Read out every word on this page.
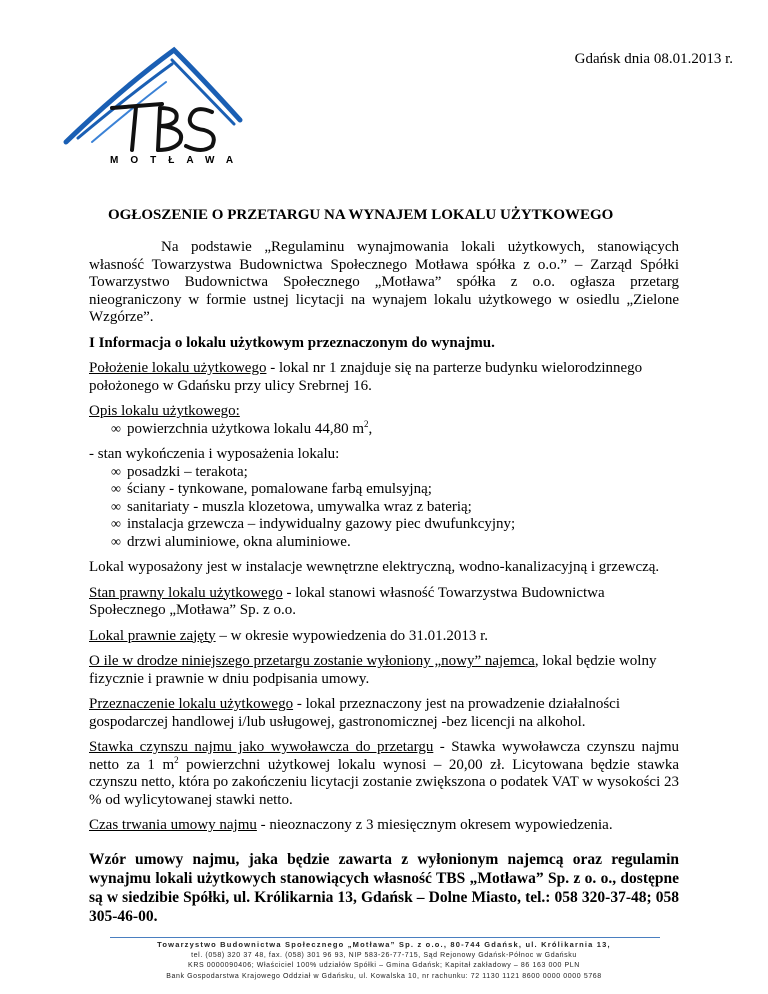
Gdańsk dnia 08.01.2013 r.
MOTŁAWA
OGŁOSZENIE O PRZETARGU NA WYNAJEM LOKALU UŻYTKOWEGO

Na podstawie „Regulaminu wynajmowania lokali użytkowych, stanowiących własność Towarzystwa Budownictwa Społecznego Motława spółka z o.o.” – Zarząd Spółki Towarzystwo Budownictwa Społecznego „Motława” spółka z o.o. ogłasza przetarg nieograniczony w formie ustnej licytacji na wynajem lokalu użytkowego w osiedlu „Zielone Wzgórze”.

I Informacja o lokalu użytkowym przeznaczonym do wynajmu.

Położenie lokalu użytkowego - lokal nr 1 znajduje się na parterze budynku wielorodzinnego położonego w Gdańsku przy ulicy Srebrnej 16.

Opis lokalu użytkowego:

∞ powierzchnia użytkowa lokalu 44,80 $m^2$,

- stan wykończenia i wyposażenia lokalu:

∞ posadzki – terakota;
∞ ściany - tynkowane, pomalowane farbą emulsyjną;
∞ sanitariaty - muszla klozetowa, umywalka wraz z baterią;
∞ instalacja grzewcza – indywidualny gazowy piec dwufunkcyjny;
∞ drzwi aluminiowe, okna aluminiowe.

Lokal wyposażony jest w instalacje wewnętrzne elektryczną, wodno-kanalizacyjną i grzewczą.

Stan prawny lokalu użytkowego - lokal stanowi własność Towarzystwa Budownictwa Społecznego „Motława” Sp. z o.o.

Lokal prawnie zajęty – w okresie wypowiedzenia do 31.01.2013 r.

O ile w drodze niniejszego przetargu zostanie wyłoniony „nowy” najemca, lokal będzie wolny fizycznie i prawnie w dniu podpisania umowy.

Przeznaczenie lokalu użytkowego - lokal przeznaczony jest na prowadzenie działalności gospodarczej handlowej i/lub usługowej, gastronomicznej -bez licencji na alkohol.

Stawka czynszu najmu jako wywoławcza do przetargu - Stawka wywoławcza czynszu najmu netto za 1 $m^2$ powierzchni użytkowej lokalu wynosi – 20,00 zł. Licytowana będzie stawka czynszu netto, która po zakończeniu licytacji zostanie zwiększona o podatek VAT w wysokości 23 % od wylicytowanej stawki netto.

Czas trwania umowy najmu - nieoznaczony z 3 miesięcznym okresem wypowiedzenia.

Wzór umowy najmu, jaka będzie zawarta z wyłonionym najemcą oraz regulamin wynajmu lokali użytkowych stanowiących własność TBS „Motława” Sp. z o. o., dostępne są w siedzibie Spółki, ul. Królikarnia 13, Gdańsk – Dolne Miasto, tel.: 058 320-37-48; 058 305-46-00.
Towarzystwo Budownictwa Społecznego „Motława” Sp. z o.o., 80-744 Gdańsk, ul. Królikarnia 13,
tel. (058) 320 37 48, fax. (058) 301 96 93, NIP 583-26-77-715, Sąd Rejonowy Gdańsk-Północ w Gdańsku
KRS 0000090406; Właściciel 100% udziałów Spółki – Gmina Gdańsk; Kapitał zakładowy – 86 163 000 PLN
Bank Gospodarstwa Krajowego Oddział w Gdańsku, ul. Kowalska 10, nr rachunku: 72 1130 1121 8600 0000 0000 5768
